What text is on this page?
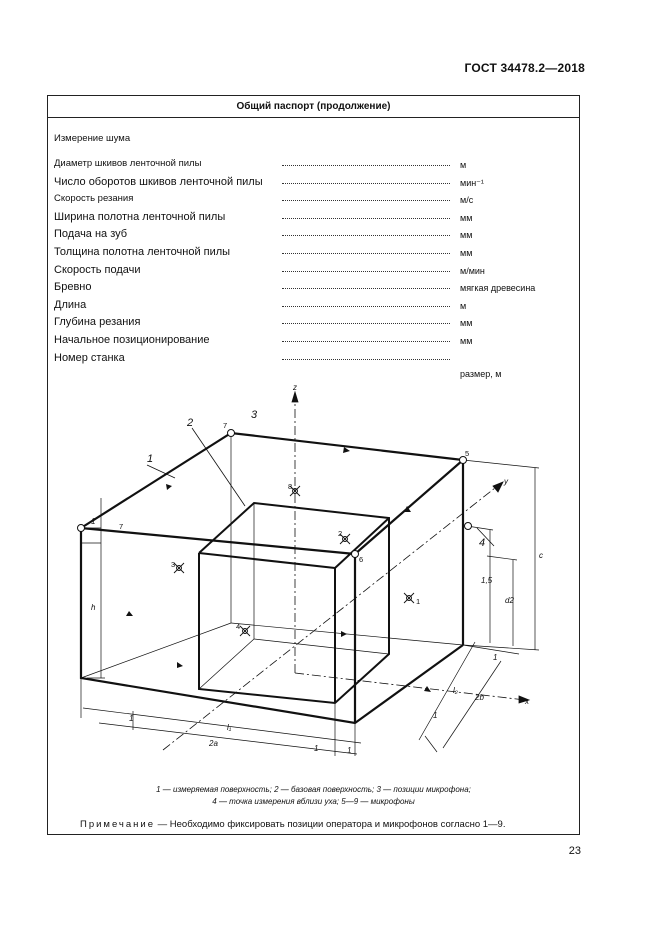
ГОСТ 34478.2—2018
Общий паспорт (продолжение)
Измерение шума
Диаметр шкивов ленточной пилы	м
Число оборотов шкивов ленточной пилы	мин⁻¹
Скорость резания	м/с
Ширина полотна ленточной пилы	мм
Подача на зуб	мм
Толщина полотна ленточной пилы	мм
Скорость подачи	м/мин
Бревно	мягкая древесина
Длина	м
Глубина резания	мм
Начальное позиционирование	мм
Номер станка
размер, м
1
2
3
4
7
5
7
6
8
2
3
4
1
x
y
z
1
1
1	1
l₁
2a
h
c
1,5
d2
l₂
2b
1
1
1 — измеряемая поверхность; 2 — базовая поверхность; 3 — позиции микрофона;
4 — точка измерения вблизи уха; 5—9 — микрофоны
Примечание — Необходимо фиксировать позиции оператора и микрофонов согласно 1—9.
23
